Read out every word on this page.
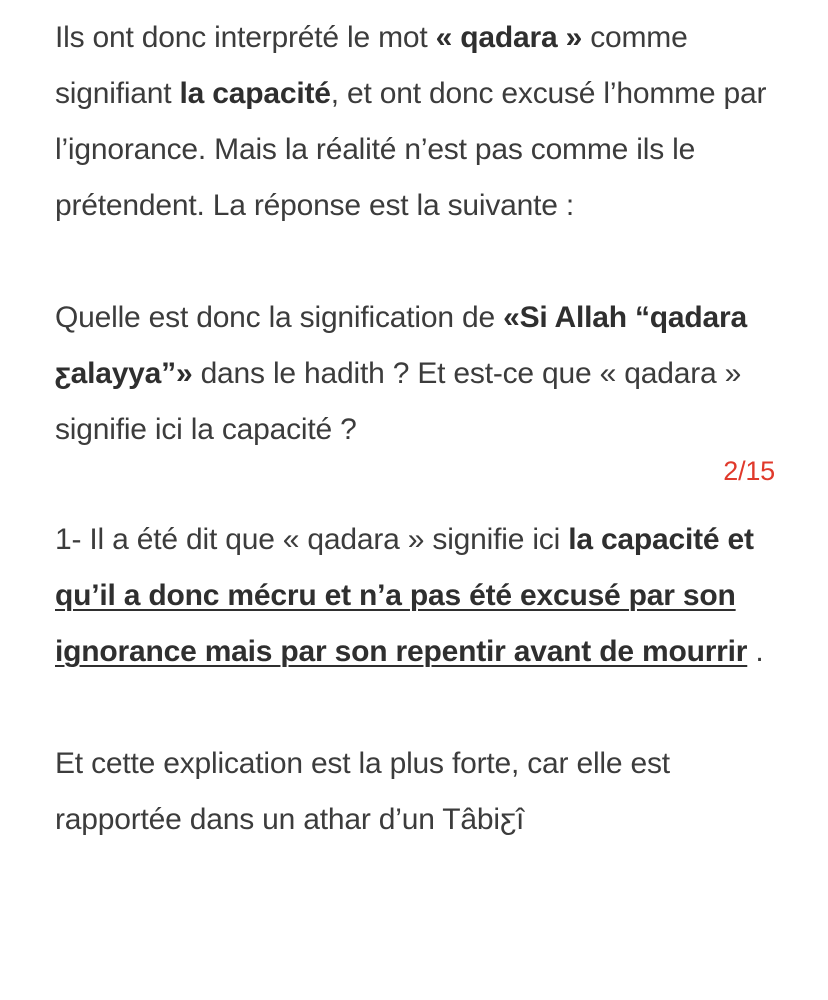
Ils ont donc interprété le mot « qadara » comme signifiant la capacité, et ont donc excusé l’homme par l’ignorance. Mais la réalité n’est pas comme ils le prétendent. La réponse est la suivante :

Quelle est donc la signification de «Si Allah “qadara ƹalayya”» dans le hadith ? Et est-ce que « qadara » signifie ici la capacité ?

2/15

1- Il a été dit que « qadara » signifie ici la capacité et qu’il a donc mécru et n’a pas été excusé par son ignorance mais par son repentir avant de mourrir .

Et cette explication est la plus forte, car elle est rapportée dans un athar d’un Tâbiƹî
